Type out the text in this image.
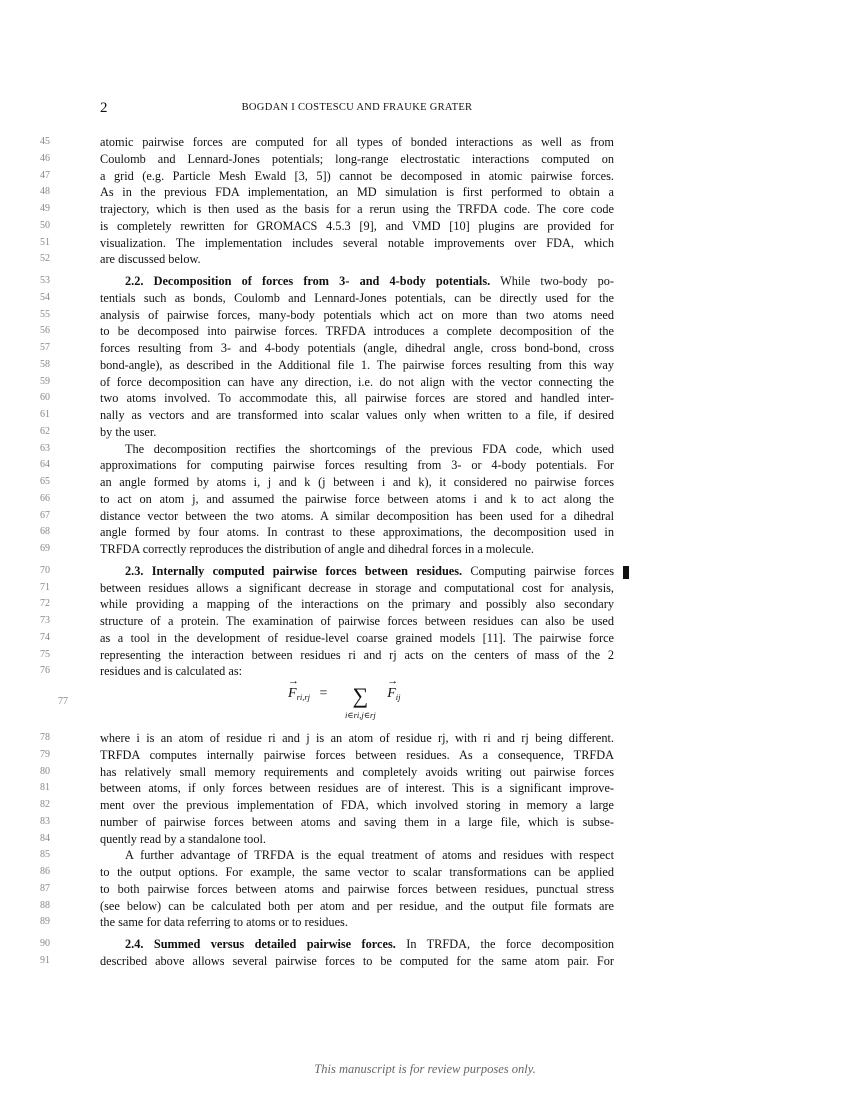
2	BOGDAN I COSTESCU AND FRAUKE GRATER
45	atomic pairwise forces are computed for all types of bonded interactions as well as from
46	Coulomb and Lennard-Jones potentials; long-range electrostatic interactions computed on
47	a grid (e.g. Particle Mesh Ewald [3, 5]) cannot be decomposed in atomic pairwise forces.
48	As in the previous FDA implementation, an MD simulation is first performed to obtain a
49	trajectory, which is then used as the basis for a rerun using the TRFDA code. The core code
50	is completely rewritten for GROMACS 4.5.3 [9], and VMD [10] plugins are provided for
51	visualization. The implementation includes several notable improvements over FDA, which
52	are discussed below.
53	2.2. Decomposition of forces from 3- and 4-body potentials. While two-body po-
54	tentials such as bonds, Coulomb and Lennard-Jones potentials, can be directly used for the
55	analysis of pairwise forces, many-body potentials which act on more than two atoms need
56	to be decomposed into pairwise forces. TRFDA introduces a complete decomposition of the
57	forces resulting from 3- and 4-body potentials (angle, dihedral angle, cross bond-bond, cross
58	bond-angle), as described in the Additional file 1. The pairwise forces resulting from this way
59	of force decomposition can have any direction, i.e. do not align with the vector connecting the
60	two atoms involved. To accommodate this, all pairwise forces are stored and handled inter-
61	nally as vectors and are transformed into scalar values only when written to a file, if desired
62	by the user.
63	The decomposition rectifies the shortcomings of the previous FDA code, which used
64	approximations for computing pairwise forces resulting from 3- or 4-body potentials. For
65	an angle formed by atoms i, j and k (j between i and k), it considered no pairwise forces
66	to act on atom j, and assumed the pairwise force between atoms i and k to act along the
67	distance vector between the two atoms. A similar decomposition has been used for a dihedral
68	angle formed by four atoms. In contrast to these approximations, the decomposition used in
69	TRFDA correctly reproduces the distribution of angle and dihedral forces in a molecule.
70	2.3. Internally computed pairwise forces between residues. Computing pairwise forces
71	between residues allows a significant decrease in storage and computational cost for analysis,
72	while providing a mapping of the interactions on the primary and possibly also secondary
73	structure of a protein. The examination of pairwise forces between residues can also be used
74	as a tool in the development of residue-level coarse grained models [11]. The pairwise force
75	representing the interaction between residues ri and rj acts on the centers of mass of the 2
76	residues and is calculated as:
77
→ $F_{ri,rj}$ = ∑
i∈ri,j∈rj
→ $F_{ij}$
78	where i is an atom of residue ri and j is an atom of residue rj, with ri and rj being different.
79	TRFDA computes internally pairwise forces between residues. As a consequence, TRFDA
80	has relatively small memory requirements and completely avoids writing out pairwise forces
81	between atoms, if only forces between residues are of interest. This is a significant improve-
82	ment over the previous implementation of FDA, which involved storing in memory a large
83	number of pairwise forces between atoms and saving them in a large file, which is subse-
84	quently read by a standalone tool.
85	A further advantage of TRFDA is the equal treatment of atoms and residues with respect
86	to the output options. For example, the same vector to scalar transformations can be applied
87	to both pairwise forces between atoms and pairwise forces between residues, punctual stress
88	(see below) can be calculated both per atom and per residue, and the output file formats are
89	the same for data referring to atoms or to residues.
90	2.4. Summed versus detailed pairwise forces. In TRFDA, the force decomposition
91	described above allows several pairwise forces to be computed for the same atom pair. For
This manuscript is for review purposes only.
